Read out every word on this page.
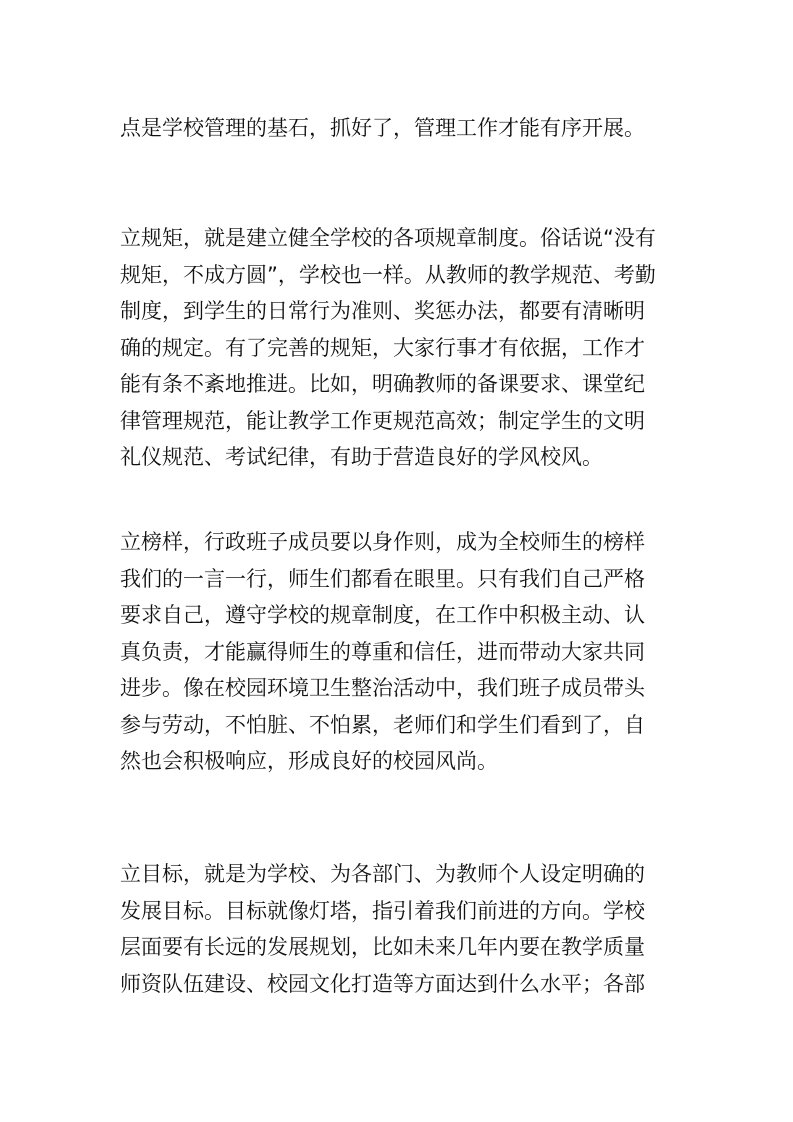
点是学校管理的基石，抓好了，管理工作才能有序开展。
立规矩，就是建立健全学校的各项规章制度。俗话说“没有
规矩，不成方圆”，学校也一样。从教师的教学规范、考勤
制度，到学生的日常行为准则、奖惩办法，都要有清晰明
确的规定。有了完善的规矩，大家行事才有依据，工作才
能有条不紊地推进。比如，明确教师的备课要求、课堂纪
律管理规范，能让教学工作更规范高效；制定学生的文明
礼仪规范、考试纪律，有助于营造良好的学风校风。
立榜样，行政班子成员要以身作则，成为全校师生的榜样
我们的一言一行，师生们都看在眼里。只有我们自己严格
要求自己，遵守学校的规章制度，在工作中积极主动、认
真负责，才能赢得师生的尊重和信任，进而带动大家共同
进步。像在校园环境卫生整治活动中，我们班子成员带头
参与劳动，不怕脏、不怕累，老师们和学生们看到了，自
然也会积极响应，形成良好的校园风尚。
立目标，就是为学校、为各部门、为教师个人设定明确的
发展目标。目标就像灯塔，指引着我们前进的方向。学校
层面要有长远的发展规划，比如未来几年内要在教学质量
师资队伍建设、校园文化打造等方面达到什么水平；各部
